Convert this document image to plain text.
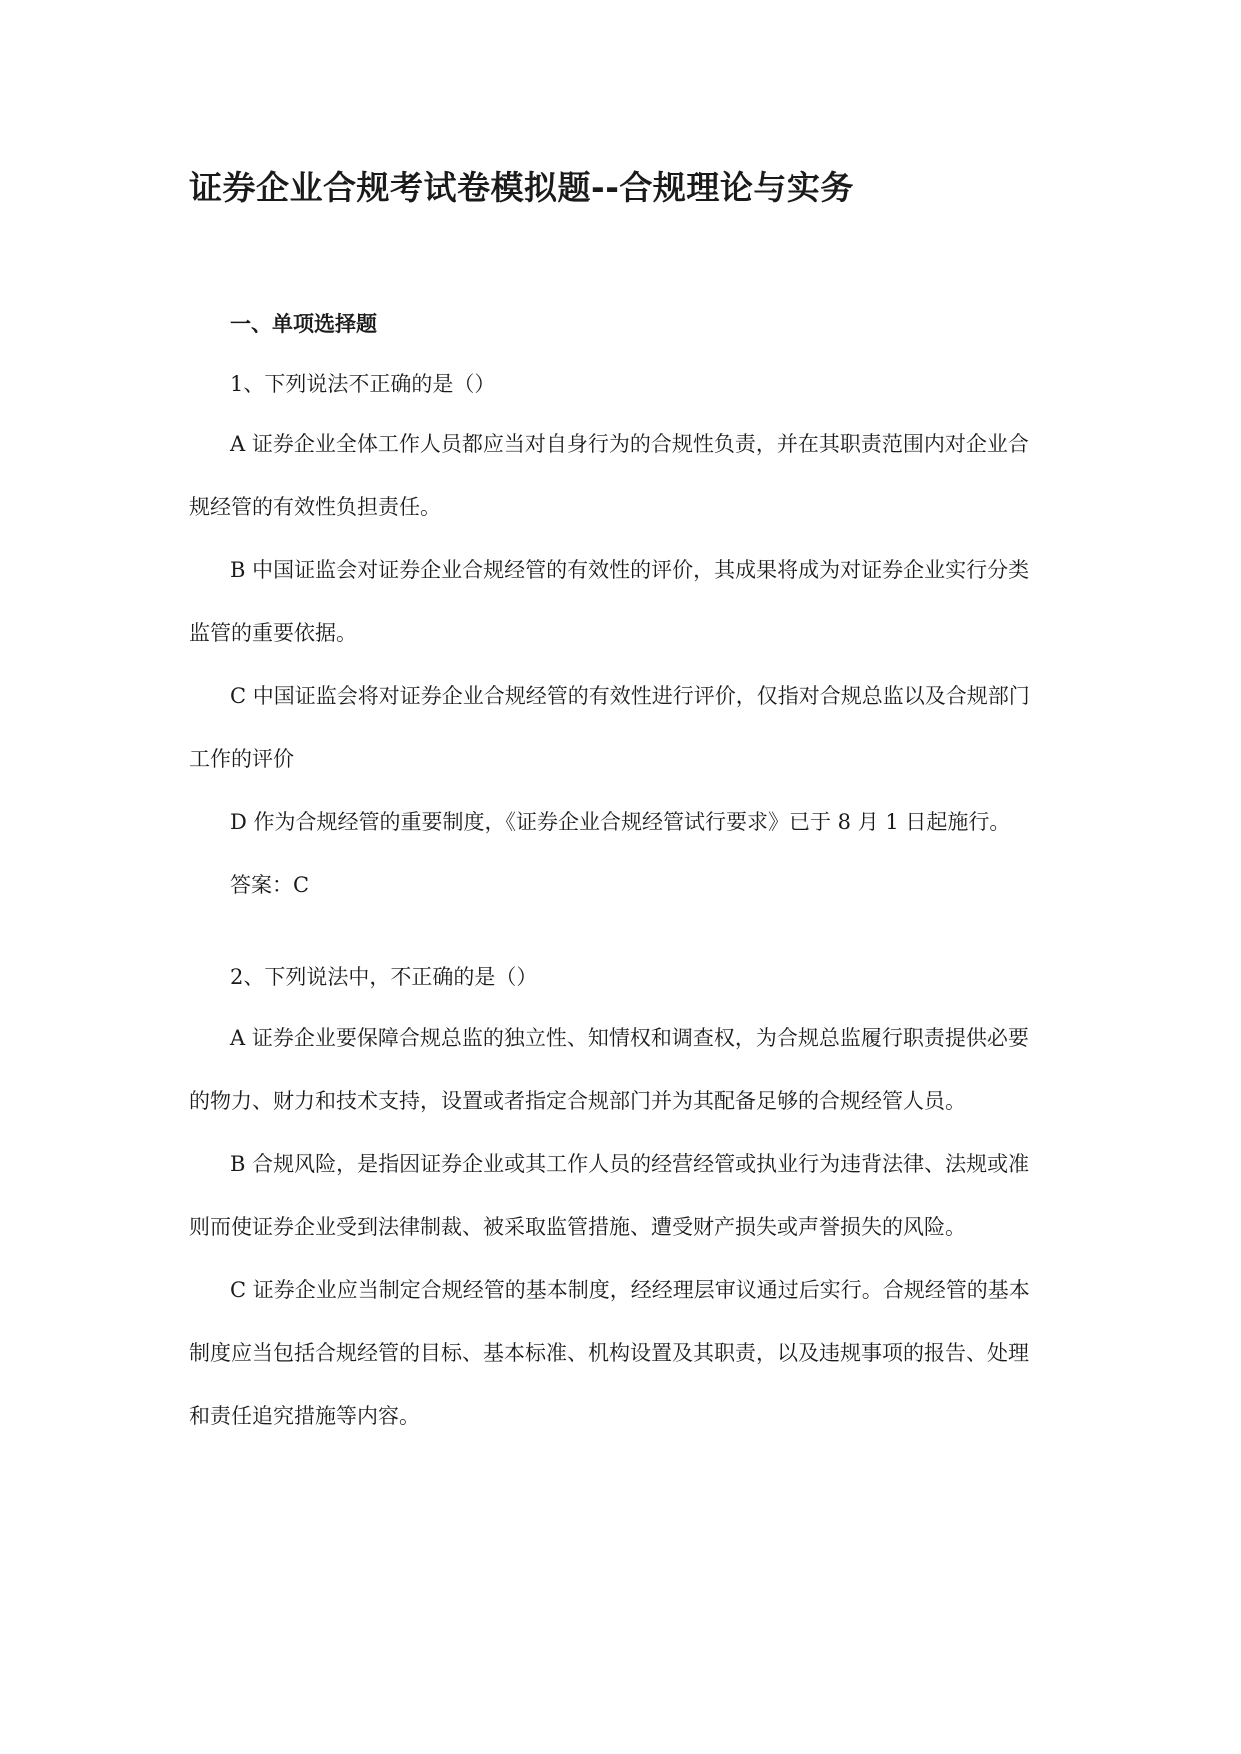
证券企业合规考试卷模拟题--合规理论与实务
一、单项选择题

1、下列说法不正确的是（）

A 证券企业全体工作人员都应当对自身行为的合规性负责，并在其职责范围内对企业合

规经管的有效性负担责任。

B 中国证监会对证券企业合规经管的有效性的评价，其成果将成为对证券企业实行分类

监管的重要依据。

C 中国证监会将对证券企业合规经管的有效性进行评价，仅指对合规总监以及合规部门

工作的评价

D 作为合规经管的重要制度，《证券企业合规经管试行要求》已于 8 月 1 日起施行。

答案：C

2、下列说法中，不正确的是（）

A 证券企业要保障合规总监的独立性、知情权和调查权，为合规总监履行职责提供必要

的物力、财力和技术支持，设置或者指定合规部门并为其配备足够的合规经管人员。

B 合规风险，是指因证券企业或其工作人员的经营经管或执业行为违背法律、法规或准

则而使证券企业受到法律制裁、被采取监管措施、遭受财产损失或声誉损失的风险。

C 证券企业应当制定合规经管的基本制度，经经理层审议通过后实行。合规经管的基本

制度应当包括合规经管的目标、基本标准、机构设置及其职责，以及违规事项的报告、处理

和责任追究措施等内容。
